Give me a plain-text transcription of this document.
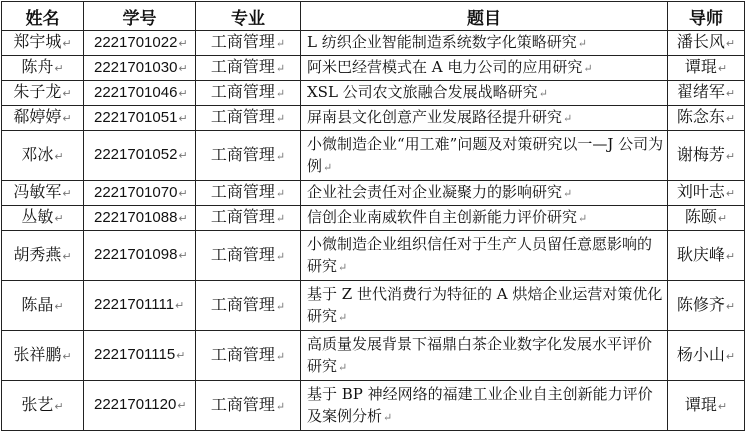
姓名	学号	专业	题目	导师
郑宇城↵	2221701022↵	工商管理↵	L 纺织企业智能制造系统数字化策略研究↵	潘长风↵
陈舟↵	2221701030↵	工商管理↵	阿米巴经营模式在 A 电力公司的应用研究↵	谭琨↵
朱子龙↵	2221701046↵	工商管理↵	XSL 公司农文旅融合发展战略研究↵	翟绪军↵
郗婷婷↵	2221701051↵	工商管理↵	屏南县文化创意产业发展路径提升研究↵	陈念东↵
邓冰↵	2221701052↵	工商管理↵	小微制造企业“用工难”问题及对策研究以一—J 公司为例↵	谢梅芳↵
冯敏军↵	2221701070↵	工商管理↵	企业社会责任对企业凝聚力的影响研究↵	刘叶志↵
丛敏↵	2221701088↵	工商管理↵	信创企业南威软件自主创新能力评价研究↵	陈颐↵
胡秀燕↵	2221701098↵	工商管理↵	小微制造企业组织信任对于生产人员留任意愿影响的研究↵	耿庆峰↵
陈晶↵	2221701111↵	工商管理↵	基于 Z 世代消费行为特征的 A 烘焙企业运营对策优化研究↵	陈修齐↵
张祥鹏↵	2221701115↵	工商管理↵	高质量发展背景下福鼎白茶企业数字化发展水平评价研究↵	杨小山↵
张艺↵	2221701120↵	工商管理↵	基于 BP 神经网络的福建工业企业自主创新能力评价及案例分析↵	谭琨↵
